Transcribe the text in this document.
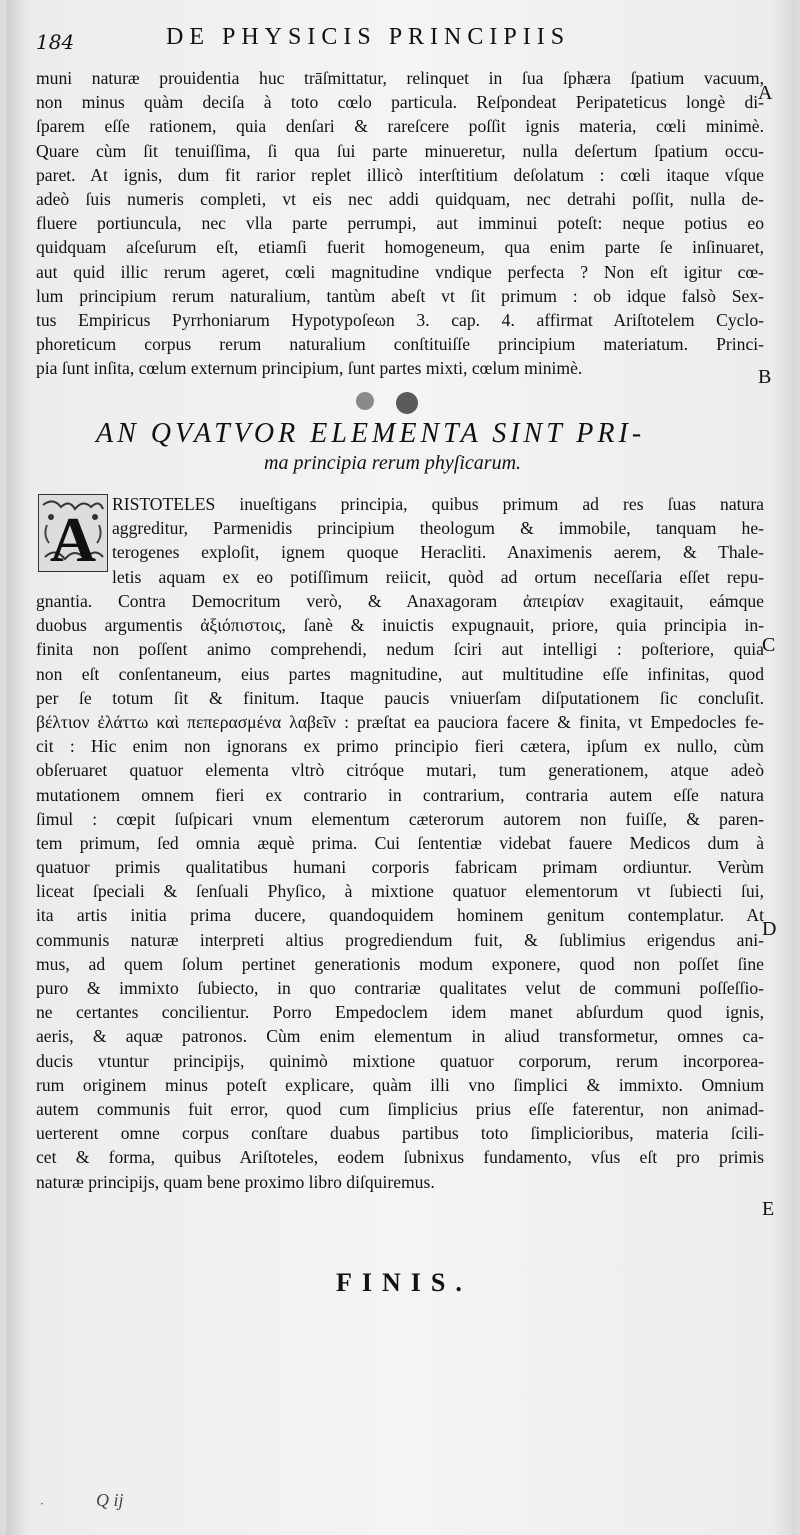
184	DE PHYSICIS PRINCIPIIS
muni naturæ prouidentia huc trāſmittatur, relinquet in ſua ſphæra ſpatium vacuum,
non minus quàm deciſa à toto cœlo particula. Reſpondeat Peripateticus longè di-
ſparem eſſe rationem, quia denſari & rareſcere poſſit ignis materia, cœli minimè.
Quare cùm ſit tenuiſſima, ſi qua ſui parte minueretur, nulla deſertum ſpatium occu-
paret. At ignis, dum fit rarior replet illicò interſtitium deſolatum : cœli itaque vſque
adeò ſuis numeris completi, vt eis nec addi quidquam, nec detrahi poſſit, nulla de-
fluere portiuncula, nec vlla parte perrumpi, aut imminui poteſt: neque potius eo
quidquam aſceſurum eſt, etiamſi fuerit homogeneum, qua enim parte ſe inſinuaret,
aut quid illic rerum ageret, cœli magnitudine vndique perfecta ? Non eſt igitur cœ-
lum principium rerum naturalium, tantùm abeſt vt ſit primum : ob idque falsò Sex-
tus Empiricus Pyrrhoniarum Hypotypoſeωn 3. cap. 4. affirmat Ariſtotelem Cyclo-
phoreticum corpus rerum naturalium conſtituiſſe principium materiatum. Princi-
pia ſunt inſita, cœlum externum principium, ſunt partes mixti, cœlum minimè.
A
B
C
D
E
AN QVATVOR ELEMENTA SINT PRI-
ma principia rerum phyſicarum.
A RISTOTELES inueſtigans principia, quibus primum ad res ſuas natura
aggreditur, Parmenidis principium theologum & immobile, tanquam he-
terogenes exploſit, ignem quoque Heracliti. Anaximenis aerem, & Thale-
letis aquam ex eo potiſſimum reiicit, quòd ad ortum neceſſaria eſſet repu-
gnantia. Contra Democritum verò, & Anaxagoram ἀπειρίαν exagitauit, eámque
duobus argumentis ἀξιόπιστοις, ſanè & inuictis expugnauit, priore, quia principia in-
finita non poſſent animo comprehendi, nedum ſciri aut intelligi : poſteriore, quia
non eſt conſentaneum, eius partes magnitudine, aut multitudine eſſe infinitas, quod
per ſe totum ſit & finitum. Itaque paucis vniuerſam diſputationem ſic concluſit.
βέλτιον ἐλάττω καὶ πεπερασμένα λαβεῖν : præſtat ea pauciora facere & finita, vt Empedocles fe-
cit : Hic enim non ignorans ex primo principio fieri cætera, ipſum ex nullo, cùm
obſeruaret quatuor elementa vltrò citróque mutari, tum generationem, atque adeò
mutationem omnem fieri ex contrario in contrarium, contraria autem eſſe natura
ſimul : cœpit ſuſpicari vnum elementum cæterorum autorem non fuiſſe, & paren-
tem primum, ſed omnia æquè prima. Cui ſententiæ videbat fauere Medicos dum à
quatuor primis qualitatibus humani corporis fabricam primam ordiuntur. Verùm
liceat ſpeciali & ſenſuali Phyſico, à mixtione quatuor elementorum vt ſubiecti ſui,
ita artis initia prima ducere, quandoquidem hominem genitum contemplatur. At
communis naturæ interpreti altius progrediendum fuit, & ſublimius erigendus ani-
mus, ad quem ſolum pertinet generationis modum exponere, quod non poſſet ſine
puro & immixto ſubiecto, in quo contrariæ qualitates velut de communi poſſeſſio-
ne certantes concilientur. Porro Empedoclem idem manet abſurdum quod ignis,
aeris, & aquæ patronos. Cùm enim elementum in aliud transformetur, omnes ca-
ducis vtuntur principijs, quinimò mixtione quatuor corporum, rerum incorporea-
rum originem minus poteſt explicare, quàm illi vno ſimplici & immixto. Omnium
autem communis fuit error, quod cum ſimplicius prius eſſe faterentur, non animad-
uerterent omne corpus conſtare duabus partibus toto ſimplicioribus, materia ſcili-
cet & forma, quibus Ariſtoteles, eodem ſubnixus fundamento, vſus eſt pro primis
naturæ principijs, quam bene proximo libro diſquiremus.
FINIS.
·	Q ij
